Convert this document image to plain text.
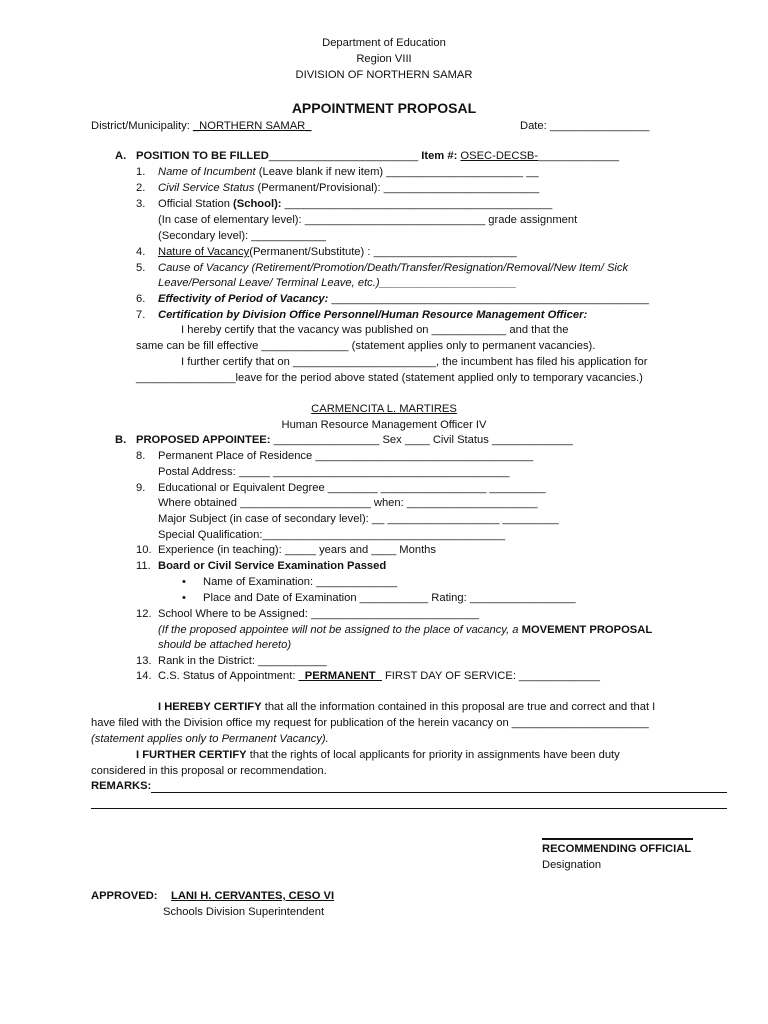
Department of Education
Region VIII
DIVISION OF NORTHERN SAMAR
APPOINTMENT PROPOSAL
District/Municipality: _NORTHERN SAMAR_	Date: ________________
A. POSITION TO BE FILLED________________________ Item #: OSEC-DECSB-_____________
1. Name of Incumbent (Leave blank if new item) ______________________ __
2. Civil Service Status (Permanent/Provisional): _________________________
3. Official Station (School): ___________________________________________
(In case of elementary level): _____________________________ grade assignment
(Secondary level): ____________
4. Nature of Vacancy(Permanent/Substitute) : _______________________
5. Cause of Vacancy (Retirement/Promotion/Death/Transfer/Resignation/Removal/New Item/ Sick
Leave/Personal Leave/ Terminal Leave, etc.)______________________
6. Effectivity of Period of Vacancy: ___________________________________________________
7. Certification by Division Office Personnel/Human Resource Management Officer:
I hereby certify that the vacancy was published on ____________ and that the
same can be fill effective ______________ (statement applies only to permanent vacancies).
I further certify that on _______________________, the incumbent has filed his application for
________________leave for the period above stated (statement applied only to temporary vacancies.)
CARMENCITA L. MARTIRES
Human Resource Management Officer IV
B. PROPOSED APPOINTEE: _________________ Sex ____ Civil Status _____________
8. Permanent Place of Residence ___________________________________
Postal Address: _____ ______________________________________
9. Educational or Equivalent Degree ________ _________________ _________
Where obtained _____________________ when: _____________________
Major Subject (in case of secondary level): __ __________________ _________
Special Qualification:_______________________________________
10. Experience (in teaching): _____ years and ____ Months
11. Board or Civil Service Examination Passed
• Name of Examination: _____________
• Place and Date of Examination ___________ Rating: _________________
12. School Where to be Assigned: ___________________________
(If the proposed appointee will not be assigned to the place of vacancy, a MOVEMENT PROPOSAL
should be attached hereto)
13. Rank in the District: ___________
14. C.S. Status of Appointment: _PERMANENT_ FIRST DAY OF SERVICE: _____________
I HEREBY CERTIFY that all the information contained in this proposal are true and correct and that I
have filed with the Division office my request for publication of the herein vacancy on ______________________
(statement applies only to Permanent Vacancy).
I FURTHER CERTIFY that the rights of local applicants for priority in assignments have been duty
considered in this proposal or recommendation.
REMARKS:
RECOMMENDING OFFICIAL
Designation
APPROVED: LANI H. CERVANTES, CESO VI
Schools Division Superintendent
